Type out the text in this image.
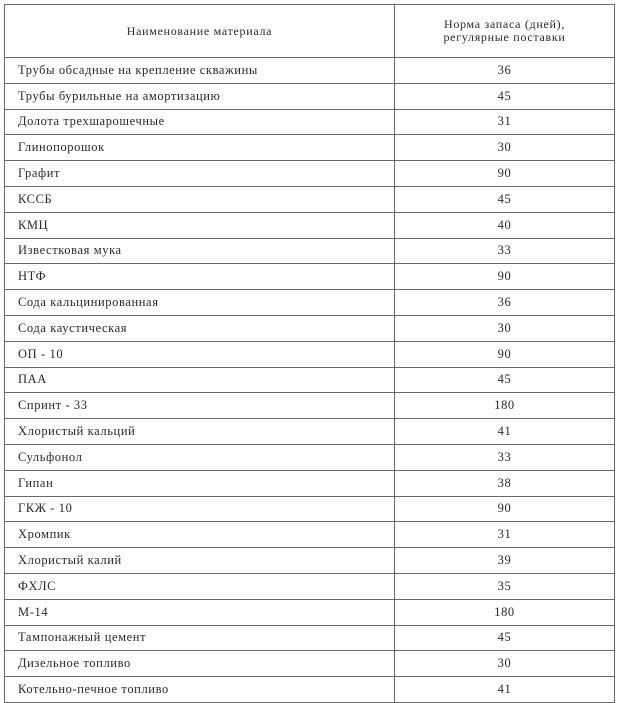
Наименование материала	Норма запаса (дней),
регулярные поставки

Трубы обсадные на крепление скважины	36
Трубы бурильные на амортизацию	45
Долота трехшарошечные	31
Глинопорошок	30
Графит	90
КССБ	45
КМЦ	40
Известковая мука	33
НТФ	90
Сода кальцинированная	36
Сода каустическая	30
ОП - 10	90
ПАА	45
Спринт - 33	180
Хлористый кальций	41
Сульфонол	33
Гипан	38
ГКЖ - 10	90
Хромпик	31
Хлористый калий	39
ФХЛС	35
М-14	180
Тампонажный цемент	45
Дизельное топливо	30
Котельно-печное топливо	41
